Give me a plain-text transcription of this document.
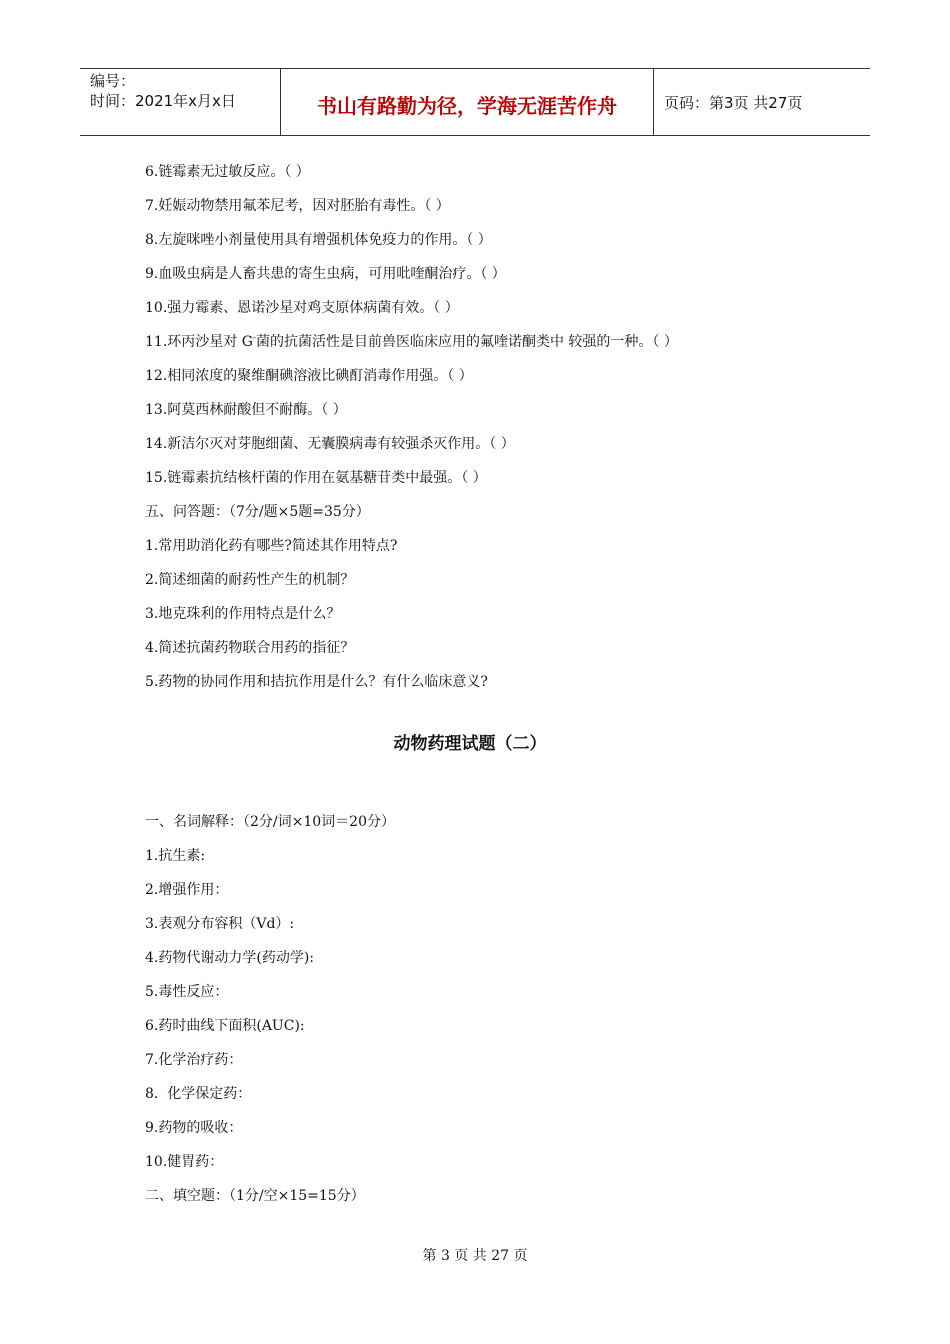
编号：
时间：2021年x月x日	书山有路勤为径，学海无涯苦作舟	页码：第3页 共27页
6.链霉素无过敏反应。（ ）
7.妊娠动物禁用氟苯尼考，因对胚胎有毒性。（ ）
8.左旋咪唑小剂量使用具有增强机体免疫力的作用。（ ）
9.血吸虫病是人畜共患的寄生虫病，可用吡喹酮治疗。（ ）
10.强力霉素、恩诺沙星对鸡支原体病菌有效。（ ）
11.环丙沙星对 G-菌的抗菌活性是目前兽医临床应用的氟喹诺酮类中 较强的一种。（ ）
12.相同浓度的聚维酮碘溶液比碘酊消毒作用强。（ ）
13.阿莫西林耐酸但不耐酶。（ ）
14.新洁尔灭对芽胞细菌、无囊膜病毒有较强杀灭作用。（ ）
15.链霉素抗结核杆菌的作用在氨基糖苷类中最强。（ ）
五、问答题：（7分/题×5题=35分）
1.常用助消化药有哪些?简述其作用特点?
2.简述细菌的耐药性产生的机制？
3.地克珠利的作用特点是什么？
4.简述抗菌药物联合用药的指征？
5.药物的协同作用和拮抗作用是什么？有什么临床意义?
动物药理试题（二）
一、名词解释：（2分/词×10词＝20分）
1.抗生素:
2.增强作用：
3.表观分布容积（Vd）:
4.药物代谢动力学(药动学):
5.毒性反应：
6.药时曲线下面积(AUC):
7.化学治疗药：
8.  化学保定药：
9.药物的吸收：
10.健胃药：
二、填空题：（1分/空×15=15分）
第 3 页 共 27 页
